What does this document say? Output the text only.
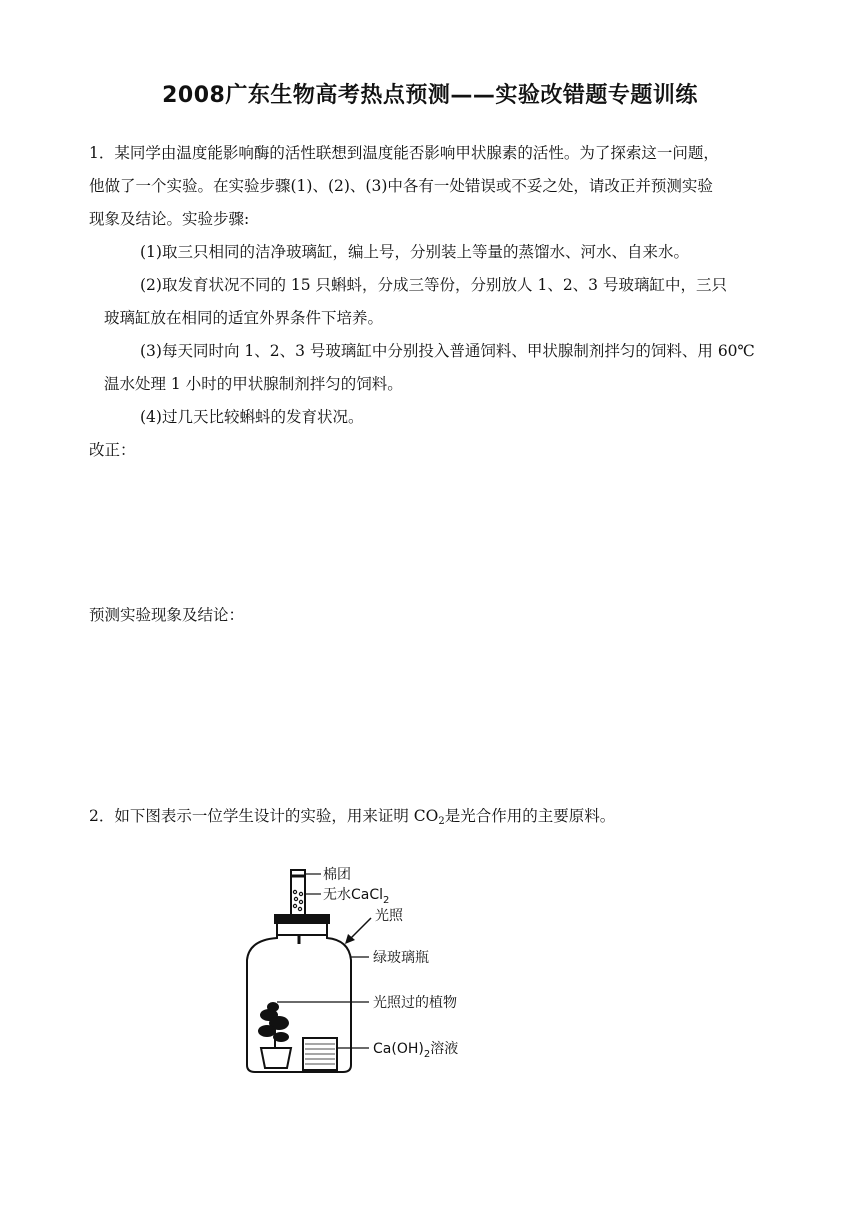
2008广东生物高考热点预测——实验改错题专题训练
1．某同学由温度能影响酶的活性联想到温度能否影响甲状腺素的活性。为了探索这一问题，
他做了一个实验。在实验步骤(1)、(2)、(3)中各有一处错误或不妥之处，请改正并预测实验
现象及结论。实验步骤:
(1)取三只相同的洁净玻璃缸，编上号，分别装上等量的蒸馏水、河水、自来水。
(2)取发育状况不同的 15 只蝌蚪，分成三等份，分别放人 1、2、3 号玻璃缸中，三只
玻璃缸放在相同的适宜外界条件下培养。
(3)每天同时向 1、2、3 号玻璃缸中分别投入普通饲料、甲状腺制剂拌匀的饲料、用 60℃
温水处理 1 小时的甲状腺制剂拌匀的饲料。
(4)过几天比较蝌蚪的发育状况。
改正：
预测实验现象及结论：
2．如下图表示一位学生设计的实验，用来证明 $CO_2$是光合作用的主要原料。
棉团
无水CaCl$_2$
光照
绿玻璃瓶
光照过的植物
$Ca(OH)_2$溶液
